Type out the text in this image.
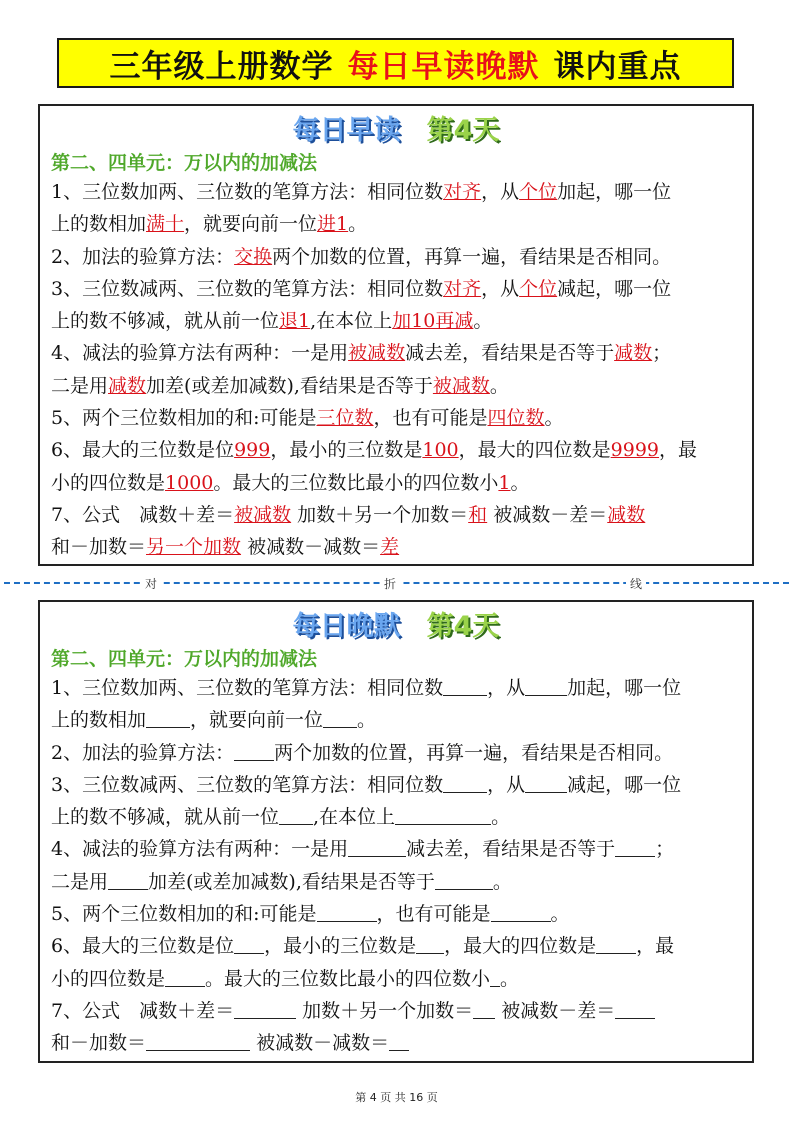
三年级上册数学 每日早读晚默 课内重点
每日早读 第4天
第二、四单元：万以内的加减法

1、三位数加两、三位数的笔算方法：相同位数对齐，从个位加起，哪一位

上的数相加满十，就要向前一位进1。

2、加法的验算方法：交换两个加数的位置，再算一遍，看结果是否相同。

3、三位数减两、三位数的笔算方法：相同位数对齐，从个位减起，哪一位

上的数不够减，就从前一位退1,在本位上加10再减。

4、减法的验算方法有两种：一是用被减数减去差，看结果是否等于减数；

二是用减数加差(或差加减数),看结果是否等于被减数。

5、两个三位数相加的和:可能是三位数，也有可能是四位数。

6、最大的三位数是位999，最小的三位数是100，最大的四位数是9999，最

小的四位数是1000。最大的三位数比最小的四位数小1。

7、公式　减数＋差＝被减数 加数＋另一个加数＝和 被减数－差＝减数

和－加数＝另一个加数 被减数－减数＝差

对	折	线
每日晚默 第4天
第二、四单元：万以内的加减法

1、三位数加两、三位数的笔算方法：相同位数 ，从 加起，哪一位

上的数相加 ，就要向前一位 。

2、加法的验算方法： 两个加数的位置，再算一遍，看结果是否相同。

3、三位数减两、三位数的笔算方法：相同位数 ，从 减起，哪一位

上的数不够减，就从前一位 ,在本位上	。

4、减法的验算方法有两种：一是用	减去差，看结果是否等于 ；

二是用 加差(或差加减数),看结果是否等于	。

5、两个三位数相加的和:可能是	，也有可能是	。

6、最大的三位数是位 ，最小的三位数是 ，最大的四位数是 ，最

小的四位数是 。最大的三位数比最小的四位数小 。

7、公式　减数＋差＝	加数＋另一个加数＝ 被减数－差＝

和－加数＝	被减数－减数＝

第 4 页 共 16 页
